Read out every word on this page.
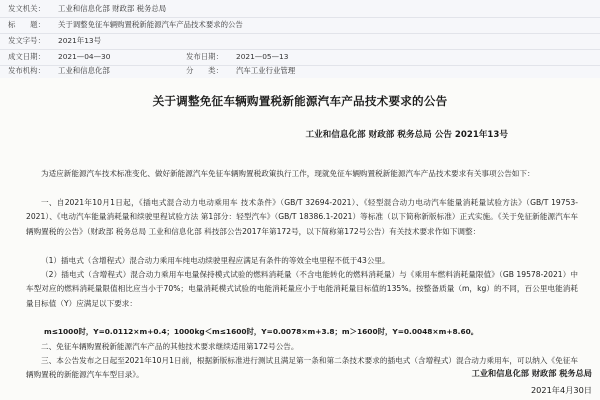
发文机关： 工业和信息化部 财政部 税务总局
标　　题： 关于调整免征车辆购置税新能源汽车产品技术要求的公告
发文字号： 2021年13号
成文日期： 2021—04—30	发布日期： 2021—05—13
发布机构： 工业和信息化部	分　　类： 汽车工业行业管理
关于调整免征车辆购置税新能源汽车产品技术要求的公告
工业和信息化部 财政部 税务总局 公告 2021年13号
为适应新能源汽车技术标准变化、做好新能源汽车免征车辆购置税政策执行工作，现就免征车辆购置税新能源汽车产品技术要求有关事项公告如下：
一、自2021年10月1日起，《插电式混合动力电动乘用车 技术条件》（GB/T 32694-2021）、《轻型混合动力电动汽车能量消耗量试验方法》（GB/T 19753-2021）、《电动汽车能量消耗量和续驶里程试验方法 第1部分：轻型汽车》（GB/T 18386.1-2021）等标准（以下简称新版标准）正式实施。《关于免征新能源汽车车辆购置税的公告》（财政部 税务总局 工业和信息化部 科技部公告2017年第172号，以下简称第172号公告）有关技术要求作如下调整：
（1）插电式（含增程式）混合动力乘用车纯电动续驶里程应满足有条件的等效全电里程不低于43公里。
（2）插电式（含增程式）混合动力乘用车电量保持模式试验的燃料消耗量（不含电能转化的燃料消耗量）与《乘用车燃料消耗量限值》（GB 19578-2021）中车型对应的燃料消耗量限值相比应当小于70%；电量消耗模式试验的电能消耗量应小于电能消耗量目标值的135%。按整备质量（m，kg）的不同，百公里电能消耗量目标值（Y）应满足以下要求：
m≤1000时，Y=0.0112×m+0.4；1000kg＜m≤1600时，Y=0.0078×m+3.8；m＞1600时，Y=0.0048×m+8.60。
二、免征车辆购置税新能源汽车产品的其他技术要求继续适用第172号公告。
三、本公告发布之日起至2021年10月1日前，根据新版标准进行测试且满足第一条和第二条技术要求的插电式（含增程式）混合动力乘用车，可以纳入《免征车辆购置税的新能源汽车车型目录》。	工业和信息化部 财政部 税务总局
2021年4月30日
